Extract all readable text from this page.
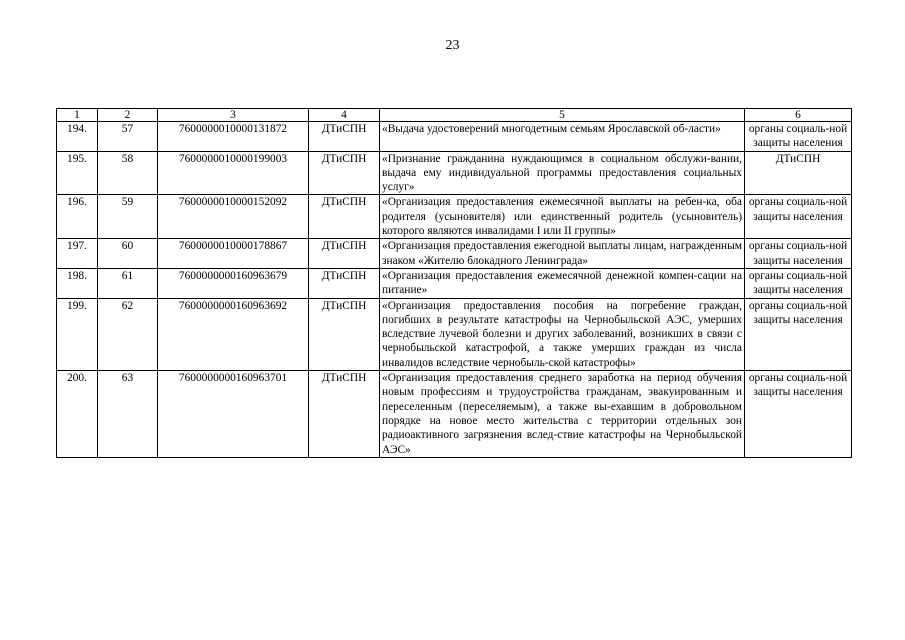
23
1	2	3	4	5	6
194.	57	7600000010000131872	ДТиСПН	«Выдача удостоверений многодетным семьям Ярославской об-ласти»	органы социаль-ной защиты населения
195.	58	7600000010000199003	ДТиСПН	«Признание гражданина нуждающимся в социальном обслужи-вании, выдача ему индивидуальной программы предоставления социальных услуг»	ДТиСПН
196.	59	7600000010000152092	ДТиСПН	«Организация предоставления ежемесячной выплаты на ребен-ка, оба родителя (усыновителя) или единственный родитель (усыновитель) которого являются инвалидами I или II группы»	органы социаль-ной защиты населения
197.	60	7600000010000178867	ДТиСПН	«Организация предоставления ежегодной выплаты лицам, награжденным знаком «Жителю блокадного Ленинграда»	органы социаль-ной защиты населения
198.	61	7600000000160963679	ДТиСПН	«Организация предоставления ежемесячной денежной компен-сации на питание»	органы социаль-ной защиты населения
199.	62	7600000000160963692	ДТиСПН	«Организация предоставления пособия на погребение граждан, погибших в результате катастрофы на Чернобыльской АЭС, умерших вследствие лучевой болезни и других заболеваний, возникших в связи с чернобыльской катастрофой, а также умерших граждан из числа инвалидов вследствие чернобыль-ской катастрофы»	органы социаль-ной защиты населения
200.	63	7600000000160963701	ДТиСПН	«Организация предоставления среднего заработка на период обучения новым профессиям и трудоустройства гражданам, эвакуированным и переселенным (переселяемым), а также вы-ехавшим в добровольном порядке на новое место жительства с территории отдельных зон радиоактивного загрязнения вслед-ствие катастрофы на Чернобыльской АЭС»	органы социаль-ной защиты населения
